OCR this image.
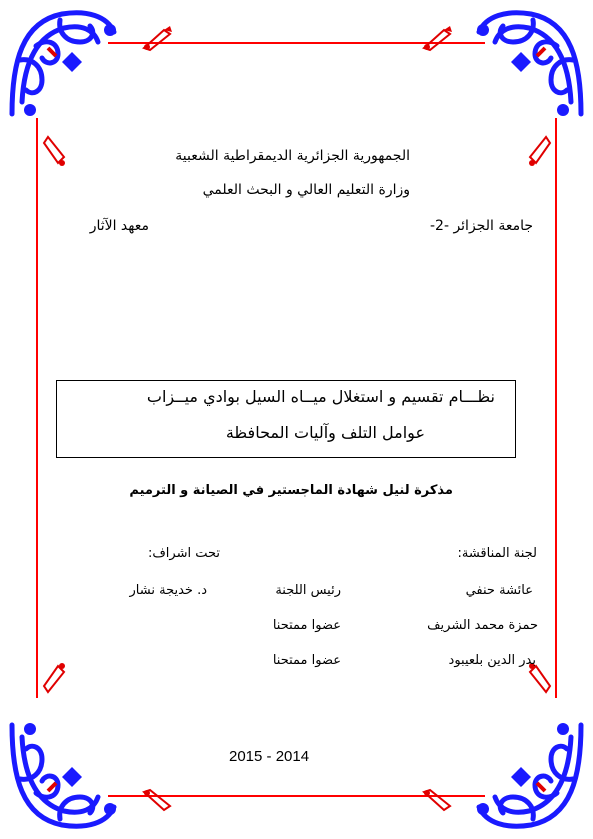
الجمهورية الجزائرية الديمقراطية الشعبية
وزارة التعليم العالي و البحث العلمي
جامعة الجزائر -2-
معهد الآثار
نظـــام تقسيم و استغلال ميــاه السيل بوادي ميــزاب
عوامل التلف وآليات المحافظة
مذكرة لنيل شهادة الماجستير في الصيانة و الترميم
لجنة المناقشة:
تحت اشراف:
عائشة حنفي
رئيس اللجنة
د. خديجة نشار
حمزة محمد الشريف
عضوا ممتحنا
بدر الدين بلعيبود
عضوا ممتحنا
2015 - 2014
